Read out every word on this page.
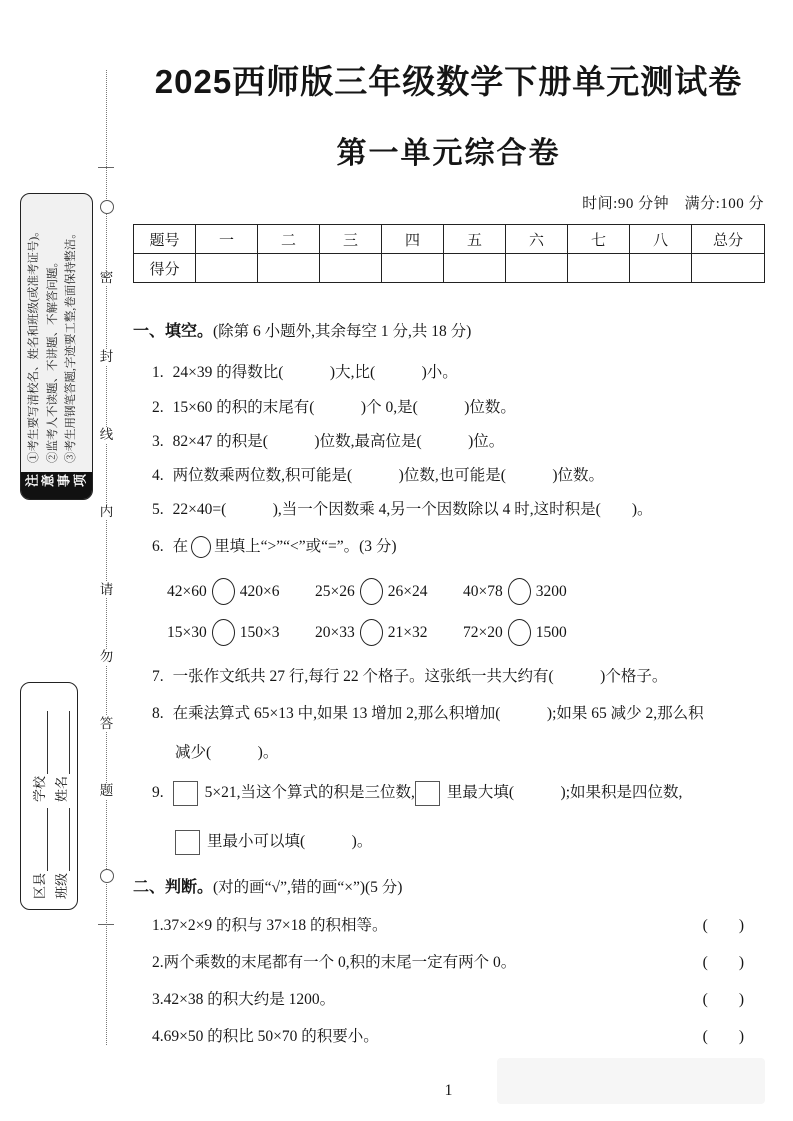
密
封
线
内
请
勿
答
题
注意事项
①考生要写清校名、姓名和班级(或准考证号)。 ②监考人不读题、不讲题、不解答问题。 ③考生用钢笔答题,字迹要工整,卷面保持整洁。
区县
学校
班级
姓名
2025西师版三年级数学下册单元测试卷
第一单元综合卷
时间:90 分钟　满分:100 分
题号	一	二	三	四	五	六	七	八	总分
得分									
一、填空。(除第 6 小题外,其余每空 1 分,共 18 分)
1. 24×39 的得数比(　　　)大,比(　　　)小。
2. 15×60 的积的末尾有(　　　)个 0,是(　　　)位数。
3. 82×47 的积是(　　　)位数,最高位是(　　　)位。
4. 两位数乘两位数,积可能是(　　　)位数,也可能是(　　　)位数。
5. 22×40=(　　　),当一个因数乘 4,另一个因数除以 4 时,这时积是(　　)。
6. 在 里填上“>”“<”或“=”。(3 分)
42×60 420×6 25×26 26×24 40×78 3200
15×30 150×3 20×33 21×32 72×20 1500
7. 一张作文纸共 27 行,每行 22 个格子。这张纸一共大约有(　　　)个格子。
8. 在乘法算式 65×13 中,如果 13 增加 2,那么积增加(　　　);如果 65 减少 2,那么积
减少(　　　)。
9.	5×21,当这个算式的积是三位数, 里最大填(　　　);如果积是四位数,
里最小可以填(　　　)。
二、判断。(对的画“√”,错的画“×”)(5 分)
1.37×2×9 的积与 37×18 的积相等。	(　　)
2.两个乘数的末尾都有一个 0,积的末尾一定有两个 0。	(　　)
3.42×38 的积大约是 1200。	(　　)
4.69×50 的积比 50×70 的积要小。	(　　)
1
